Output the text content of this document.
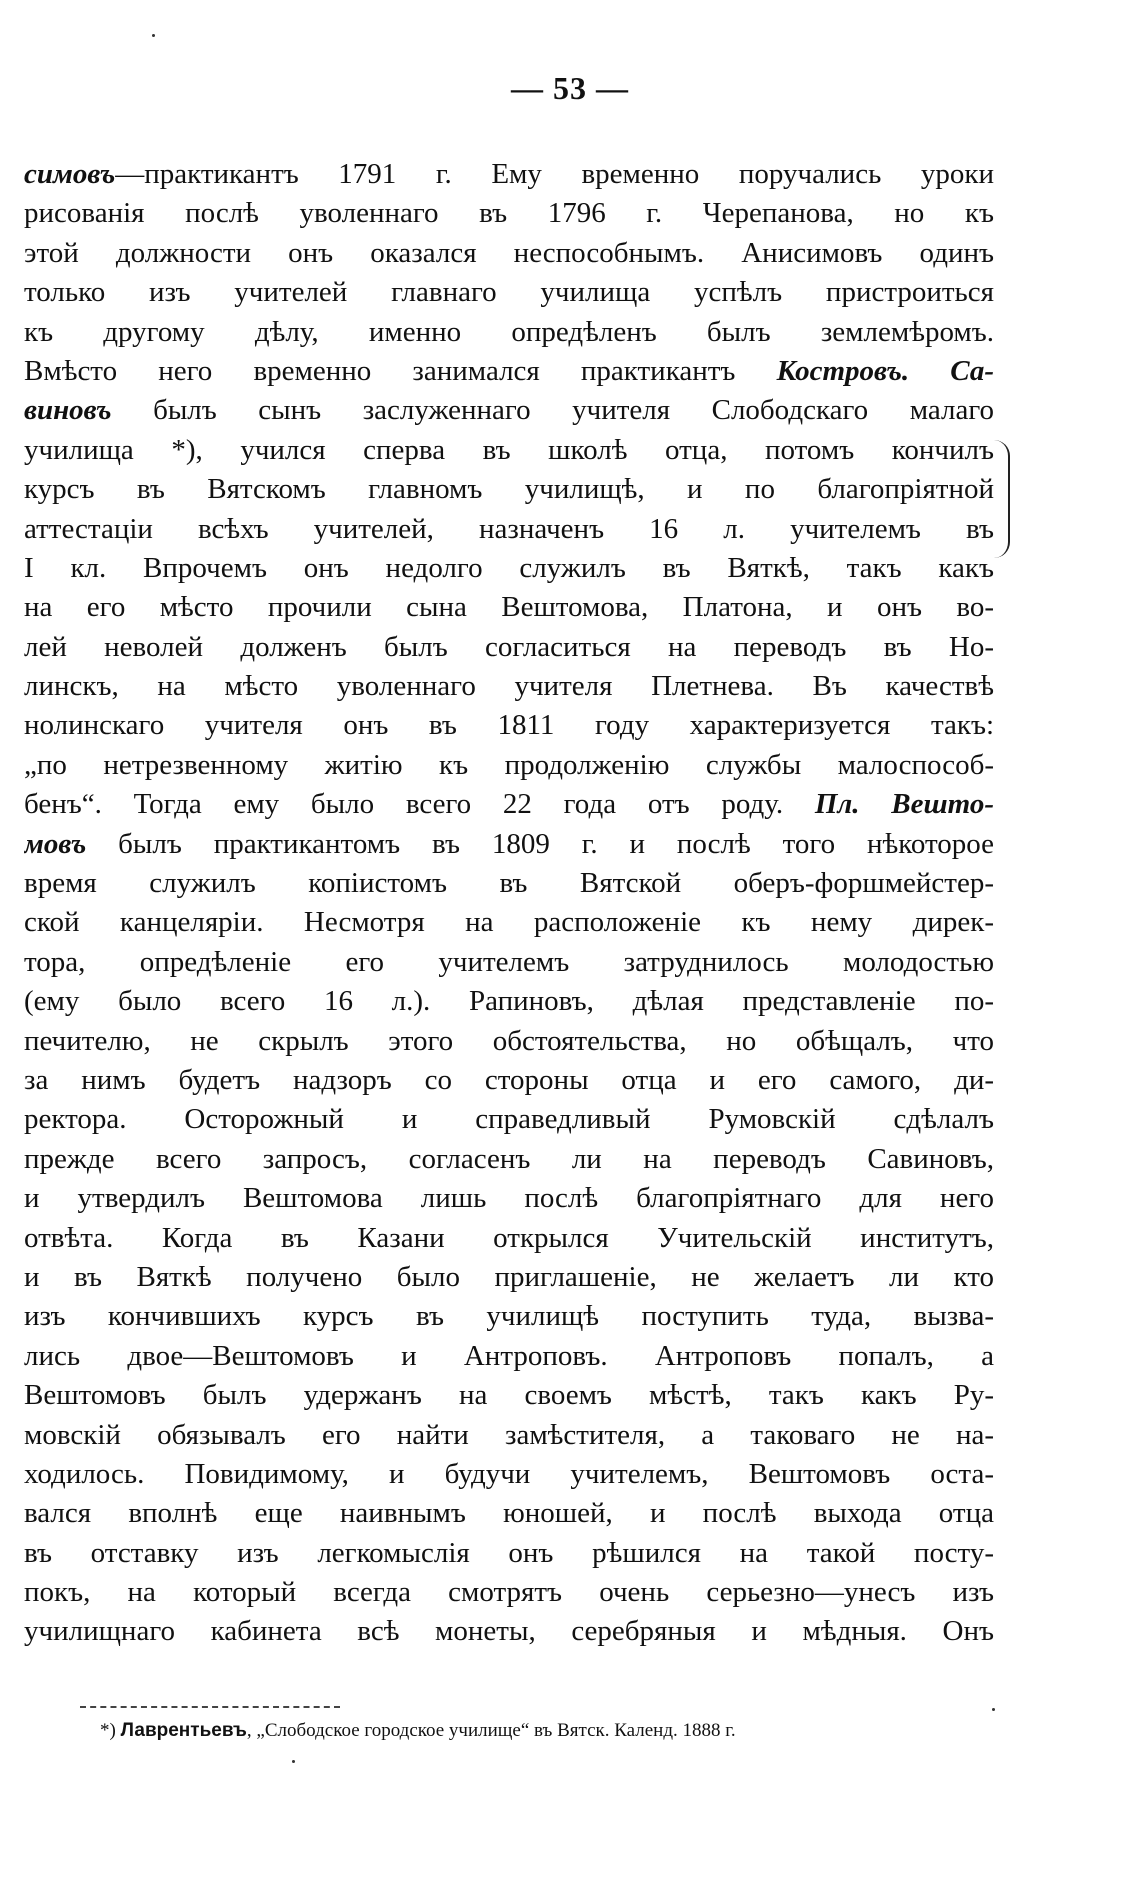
— 53 —
симовъ—практикантъ 1791 г. Ему временно поручались уроки
рисованія послѣ уволеннаго въ 1796 г. Черепанова, но къ
этой должности онъ оказался неспособнымъ. Анисимовъ одинъ
только изъ учителей главнаго училища успѣлъ пристроиться
къ другому дѣлу, именно опредѣленъ былъ землемѣромъ.
Вмѣсто него временно занимался практикантъ Костровъ. Са-
виновъ былъ сынъ заслуженнаго учителя Слободскаго малаго
училища *), учился сперва въ школѣ отца, потомъ кончилъ
курсъ въ Вятскомъ главномъ училищѣ, и по благопріятной
аттестаціи всѣхъ учителей, назначенъ 16 л. учителемъ въ
I кл. Впрочемъ онъ недолго служилъ въ Вяткѣ, такъ какъ
на его мѣсто прочили сына Вештомова, Платона, и онъ во-
лей неволей долженъ былъ согласиться на переводъ въ Но-
линскъ, на мѣсто уволеннаго учителя Плетнева. Въ качествѣ
нолинскаго учителя онъ въ 1811 году характеризуется такъ:
„по нетрезвенному житію къ продолженію службы малоспособ-
бенъ“. Тогда ему было всего 22 года отъ роду. Пл. Вешто-
мовъ былъ практикантомъ въ 1809 г. и послѣ того нѣкоторое
время служилъ копіистомъ въ Вятской оберъ-форшмейстер-
ской канцеляріи. Несмотря на расположеніе къ нему дирек-
тора, опредѣленіе его учителемъ затруднилось молодостью
(ему было всего 16 л.). Рапиновъ, дѣлая представленіе по-
печителю, не скрылъ этого обстоятельства, но обѣщалъ, что
за нимъ будетъ надзоръ со стороны отца и его самого, ди-
ректора. Осторожный и справедливый Румовскій сдѣлалъ
прежде всего запросъ, согласенъ ли на переводъ Савиновъ,
и утвердилъ Вештомова лишь послѣ благопріятнаго для него
отвѣта. Когда въ Казани открылся Учительскій институтъ,
и въ Вяткѣ получено было приглашеніе, не желаетъ ли кто
изъ кончившихъ курсъ въ училищѣ поступить туда, вызва-
лись двое—Вештомовъ и Антроповъ. Антроповъ попалъ, а
Вештомовъ былъ удержанъ на своемъ мѣстѣ, такъ какъ Ру-
мовскій обязывалъ его найти замѣстителя, а таковаго не на-
ходилось. Повидимому, и будучи учителемъ, Вештомовъ оста-
вался вполнѣ еще наивнымъ юношей, и послѣ выхода отца
въ отставку изъ легкомыслія онъ рѣшился на такой посту-
покъ, на который всегда смотрятъ очень серьезно—унесъ изъ
училищнаго кабинета всѣ монеты, серебряныя и мѣдныя. Онъ
*) Лаврентьевъ, „Слободское городское училище“ въ Вятск. Календ. 1888 г.
